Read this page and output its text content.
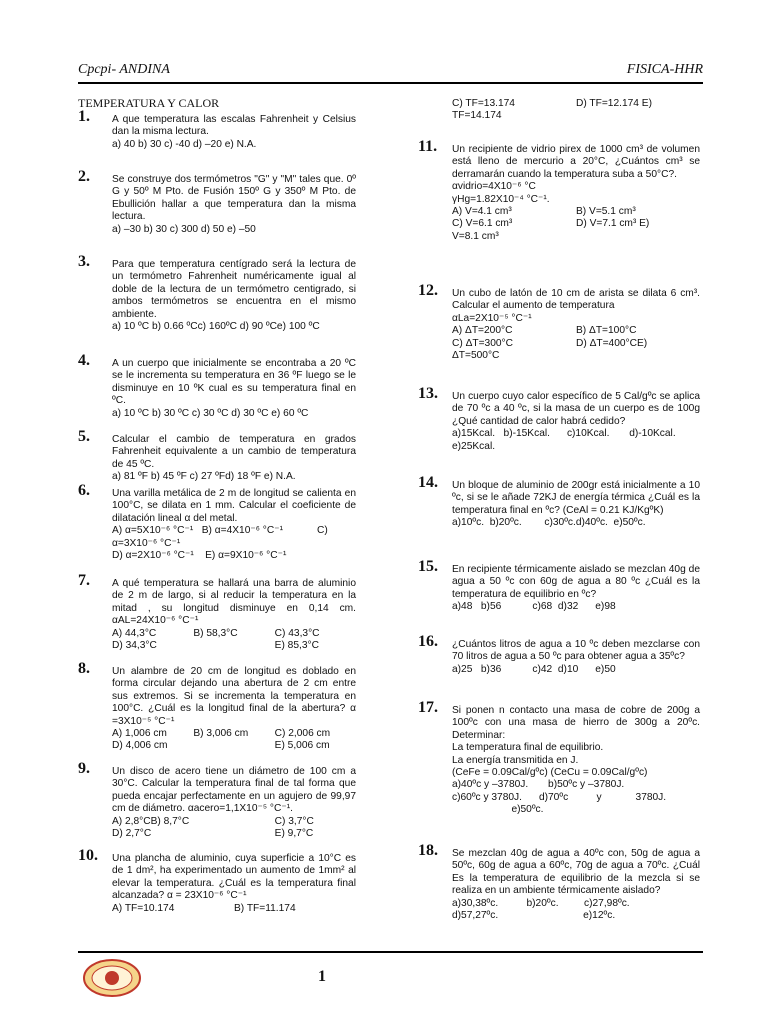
Cpcpi- ANDINA	FISICA-HHR
TEMPERATURA Y CALOR
1. A que temperatura las escalas Fahrenheit y Celsius dan la misma lectura.
a) 40 b) 30 c) -40 d) –20 e) N.A.
2. Se construye dos termómetros "G" y "M" tales que. 0º G y 50º M Pto. de Fusión 150º G y 350º M Pto. de Ebullición hallar a que temperatura dan la misma lectura.
a) –30 b) 30 c) 300 d) 50 e) –50
3. Para que temperatura centígrado será la lectura de un termómetro Fahrenheit numéricamente igual al doble de la lectura de un termómetro centigrado, si ambos termómetros se encuentra en el mismo ambiente.
a) 10 ºC b) 0.66 ºCc) 160ºC d) 90 ºCe) 100 ºC
4. A un cuerpo que inicialmente se encontraba a 20 ºC se le incrementa su temperatura en 36 ºF luego se le disminuye en 10 ºK cual es su temperatura final en ºC.
a) 10 ºC b) 30 ºC c) 30 ºC d) 30 ºC e) 60 ºC
5. Calcular el cambio de temperatura en grados Fahrenheit equivalente a un cambio de temperatura de 45 ºC.
a) 81 ºF b) 45 ºF c) 27 ºFd) 18 ºF e) N.A.
6. Una varilla metálica de 2 m de longitud se calienta en 100°C, se dilata en 1 mm. Calcular el coeficiente de dilatación lineal α del metal.
A) α=5X10⁻⁶ °C⁻¹   B) α=4X10⁻⁶ °C⁻¹            C)
α=3X10⁻⁶ °C⁻¹
D) α=2X10⁻⁶ °C⁻¹    E) α=9X10⁻⁶ °C⁻¹
7. A qué temperatura se hallará una barra de aluminio de 2 m de largo, si al reducir la temperatura en la mitad , su longitud disminuye en 0,14 cm. αAL=24X10⁻⁶ °C⁻¹
A) 44,3°C	B) 58,3°C	C) 43,3°C
D) 34,3°C	E) 85,3°C
8. Un alambre de 20 cm de longitud es doblado en forma circular dejando una abertura de 2 cm entre sus extremos. Si se incrementa la temperatura en 100°C. ¿Cuál es la longitud final de la abertura? α =3X10⁻⁵ °C⁻¹
A) 1,006 cm	B) 3,006 cm	C) 2,006 cm
D) 4,006 cm	E) 5,006 cm
9. Un disco de acero tiene un diámetro de 100 cm a 30°C. Calcular la temperatura final de tal forma que pueda encajar perfectamente en un agujero de 99,97 cm de diámetro. αacero=1,1X10⁻⁵ °C⁻¹.
A) 2,8°CB) 8,7°C	C) 3,7°C
D) 2,7°C	E) 9,7°C
10. Una plancha de aluminio, cuya superficie a 10°C es de 1 dm², ha experimentado un aumento de 1mm² al elevar la temperatura. ¿Cuál es la temperatura final alcanzada? α = 23X10⁻⁶ °C⁻¹
A) TF=10.174	B) TF=11.174
C) TF=13.174	D) TF=12.174 E)
TF=14.174
11. Un recipiente de vidrio pirex de 1000 cm³ de volumen está lleno de mercurio a 20°C, ¿Cuántos cm³ se derramarán cuando la temperatura suba a 50°C?.
αvidrio=4X10⁻⁶ °C
γHg=1.82X10⁻⁴ °C⁻¹.
A) V=4.1 cm³	B) V=5.1 cm³
C) V=6.1 cm³	D) V=7.1 cm³ E)
V=8.1 cm³
12. Un cubo de latón de 10 cm de arista se dilata 6 cm³. Calcular el aumento de temperatura
αLa=2X10⁻⁵ °C⁻¹
A) ΔT=200°C	B) ΔT=100°C
C) ΔT=300°C	D) ΔT=400°CE)
ΔT=500°C
13. Un cuerpo cuyo calor específico de 5 Cal/gºc se aplica de 70 ºc a 40 ºc, si la masa de un cuerpo es de 100g ¿Qué cantidad de calor habrá cedido?
a)15Kcal.   b)-15Kcal.      c)10Kcal.       d)-10Kcal.
e)25Kcal.
14. Un bloque de aluminio de 200gr está inicialmente a 10 ºc, si se le añade 72KJ de energía térmica ¿Cuál es la temperatura final en ºc? (CeAl = 0.21 KJ/KgºK)
a)10ºc.  b)20ºc.        c)30ºc.d)40ºc.  e)50ºc.
15. En recipiente térmicamente aislado se mezclan 40g de agua a 50 ºc con 60g de agua a 80 ºc ¿Cuál es la temperatura de equilibrio en ºc?
a)48   b)56           c)68  d)32      e)98
16. ¿Cuántos litros de agua a 10 ºc deben mezclarse con 70 litros de agua a 50 ºc para obtener agua a 35ºc?
a)25   b)36           c)42  d)10      e)50
17. Si ponen n contacto una masa de cobre de 200g a 100ºc con una masa de hierro de 300g a 20ºc. Determinar:
La temperatura final de equilibrio.
La energía transmitida en J.
(CeFe = 0.09Cal/gºc) (CeCu = 0.09Cal/gºc)
a)40ºc y –3780J.       b)50ºc y –3780J.
c)60ºc y 3780J.      d)70ºc          y            3780J.
e)50ºc.
18. Se mezclan 40g de agua a 40ºc con, 50g de agua a 50ºc, 60g de agua a 60ºc, 70g de agua a 70ºc. ¿Cuál Es la temperatura de equilibrio de la mezcla si se realiza en un ambiente térmicamente aislado?
a)30,38ºc.          b)20ºc.         c)27,98ºc.
d)57,27ºc.                              e)12ºc.
1
